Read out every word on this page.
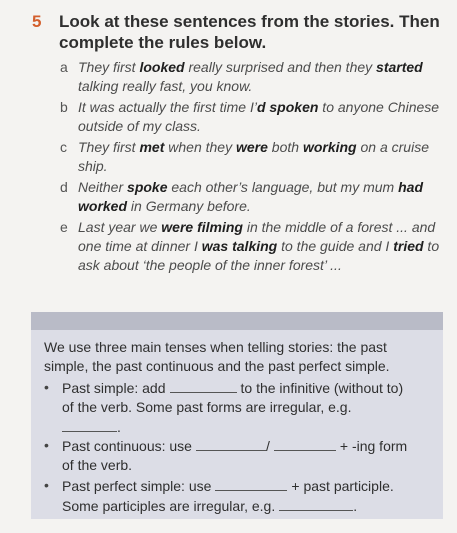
5 Look at these sentences from the stories. Then complete the rules below.
a They first looked really surprised and then they started talking really fast, you know.
b It was actually the first time I’d spoken to anyone Chinese outside of my class.
c They first met when they were both working on a cruise ship.
d Neither spoke each other’s language, but my mum had worked in Germany before.
e Last year we were filming in the middle of a forest ... and one time at dinner I was talking to the guide and I tried to ask about ‘the people of the inner forest’ ...
We use three main tenses when telling stories: the past simple, the past continuous and the past perfect simple.
• Past simple: add	to the infinitive (without to) of the verb. Some past forms are irregular, e.g.
.
• Past continuous: use	/	+ -ing form of the verb.
• Past perfect simple: use	+ past participle. Some participles are irregular, e.g.	.
